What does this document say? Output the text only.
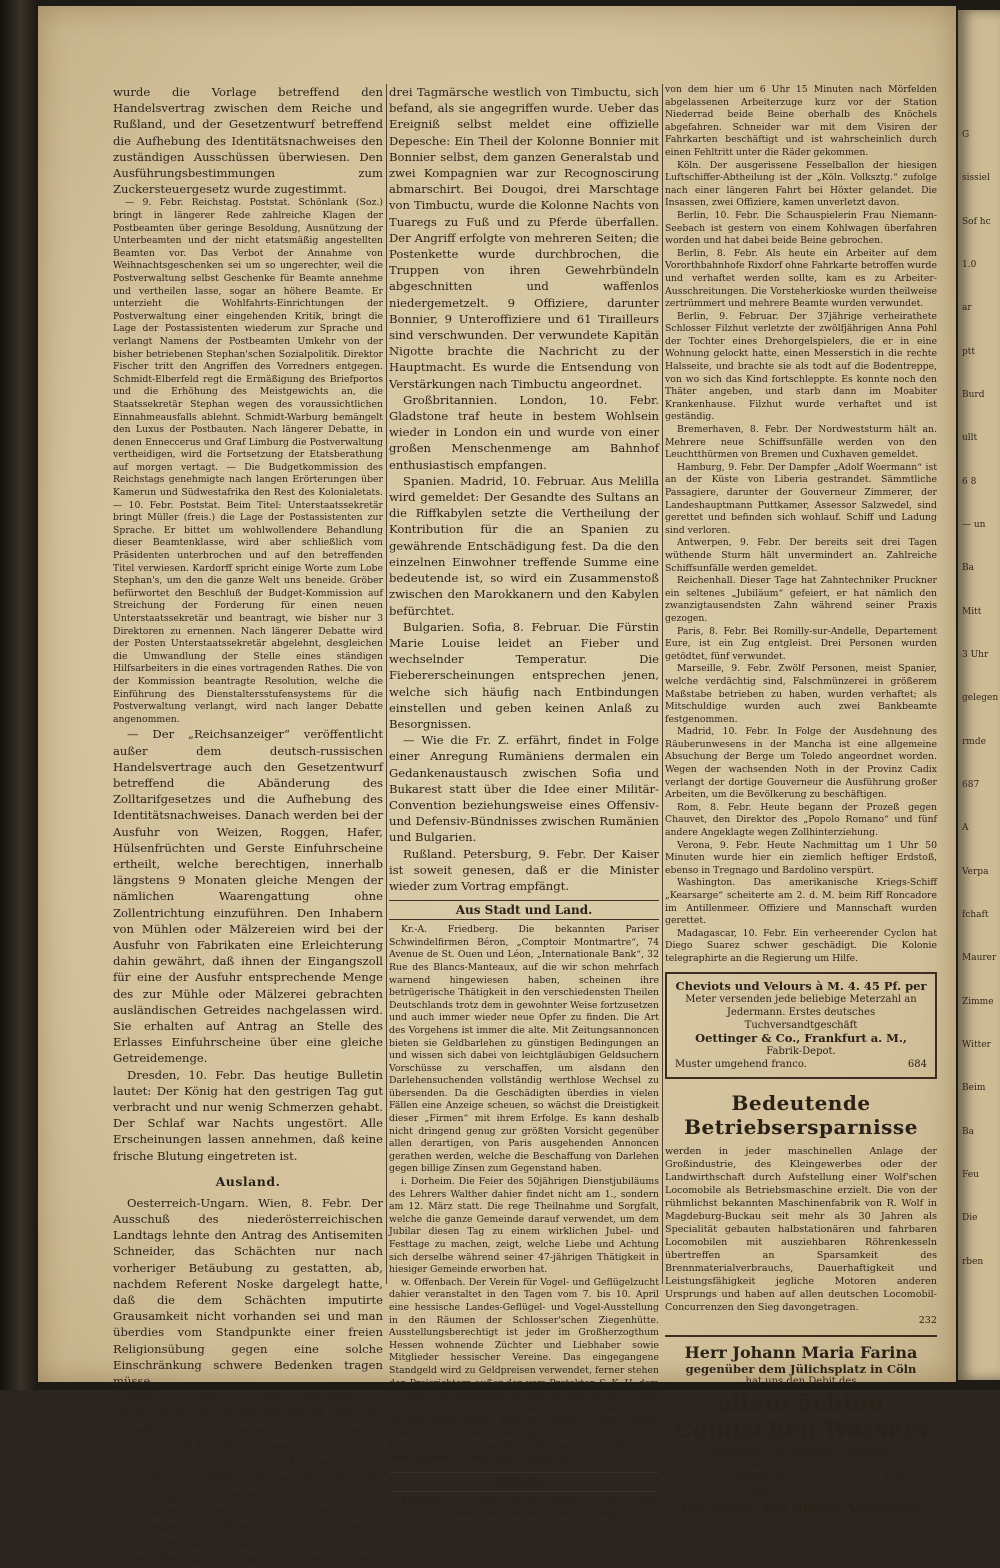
G
sissiel
Sof hc
1.0
ar
ptt
Burd
ullt
6 8
— un
Ba
Mitt
3 Uhr
gelegen
rmde
687
A
Verpa
fchaft
Maurer
Zimme
Witter
Beim
Ba
Feu
Die
rben

wurde die Vorlage betreffend den Handelsvertrag zwischen dem Reiche und Rußland, und der Gesetzentwurf betreffend die Aufhebung des Identitätsnachweises den zuständigen Ausschüssen überwiesen. Den Ausführungsbestimmungen zum Zuckersteuergesetz wurde zugestimmt.

— 9. Febr. Reichstag. Poststat. Schönlank (Soz.) bringt in längerer Rede zahlreiche Klagen der Postbeamten über geringe Besoldung, Ausnützung der Unterbeamten und der nicht etatsmäßig angestellten Beamten vor. Das Verbot der Annahme von Weihnachtsgeschenken sei um so ungerechter, weil die Postverwaltung selbst Geschenke für Beamte annehme und vertheilen lasse, sogar an höhere Beamte. Er unterzieht die Wohlfahrts-Einrichtungen der Postverwaltung einer eingehenden Kritik, bringt die Lage der Postassistenten wiederum zur Sprache und verlangt Namens der Postbeamten Umkehr von der bisher betriebenen Stephan'schen Sozialpolitik. Direktor Fischer tritt den Angriffen des Vorredners entgegen. Schmidt-Elberfeld regt die Ermäßigung des Briefportos und die Erhöhung des Meistgewichts an, die Staatssekretär Stephan wegen des voraussichtlichen Einnahmeausfalls ablehnt. Schmidt-Warburg bemängelt den Luxus der Postbauten. Nach längerer Debatte, in denen Enneccerus und Graf Limburg die Postverwaltung vertheidigen, wird die Fortsetzung der Etatsberathung auf morgen vertagt. — Die Budgetkommission des Reichstags genehmigte nach langen Erörterungen über Kamerun und Südwestafrika den Rest des Kolonialetats. — 10. Febr. Poststat. Beim Titel: Unterstaatssekretär bringt Müller (freis.) die Lage der Postassistenten zur Sprache. Er bittet um wohlwollendere Behandlung dieser Beamtenklasse, wird aber schließlich vom Präsidenten unterbrochen und auf den betreffenden Titel verwiesen. Kardorff spricht einige Worte zum Lobe Stephan's, um den die ganze Welt uns beneide. Gröber befürwortet den Beschluß der Budget-Kommission auf Streichung der Forderung für einen neuen Unterstaatssekretär und beantragt, wie bisher nur 3 Direktoren zu ernennen. Nach längerer Debatte wird der Posten Unterstaatssekretär abgelehnt, desgleichen die Umwandlung der Stelle eines ständigen Hilfsarbeiters in die eines vortragenden Rathes. Die von der Kommission beantragte Resolution, welche die Einführung des Dienstaltersstufensystems für die Postverwaltung verlangt, wird nach langer Debatte angenommen.

— Der „Reichsanzeiger“ veröffentlicht außer dem deutsch-russischen Handelsvertrage auch den Gesetzentwurf betreffend die Abänderung des Zolltarifgesetzes und die Aufhebung des Identitätsnachweises. Danach werden bei der Ausfuhr von Weizen, Roggen, Hafer, Hülsenfrüchten und Gerste Einfuhrscheine ertheilt, welche berechtigen, innerhalb längstens 9 Monaten gleiche Mengen der nämlichen Waarengattung ohne Zollentrichtung einzuführen. Den Inhabern von Mühlen oder Mälzereien wird bei der Ausfuhr von Fabrikaten eine Erleichterung dahin gewährt, daß ihnen der Eingangszoll für eine der Ausfuhr entsprechende Menge des zur Mühle oder Mälzerei gebrachten ausländischen Getreides nachgelassen wird. Sie erhalten auf Antrag an Stelle des Erlasses Einfuhrscheine über eine gleiche Getreidemenge.

Dresden, 10. Febr. Das heutige Bulletin lautet: Der König hat den gestrigen Tag gut verbracht und nur wenig Schmerzen gehabt. Der Schlaf war Nachts ungestört. Alle Erscheinungen lassen annehmen, daß keine frische Blutung eingetreten ist.

Ausland.

Oesterreich-Ungarn. Wien, 8. Febr. Der Ausschuß des niederösterreichischen Landtags lehnte den Antrag des Antisemiten Schneider, das Schächten nur nach vorheriger Betäubung zu gestatten, ab, nachdem Referent Noske dargelegt hatte, daß die dem Schächten imputirte Grausamkeit nicht vorhanden sei und man überdies vom Standpunkte einer freien Religionsübung gegen eine solche Einschränkung schwere Bedenken tragen müsse.

Belgien. Brüssel. Die Antisklaverei-Gesellschaft erhielt die Nachricht, daß die Expedition Deschamps am 22. September in Abercorn mit Kapitän Jacques zusammentraf. Jacques trat mit 2 Kanonen und Verstärkungen Mitte Oktober freiwillig die Verfolgung Rumaligas an.

Frankreich. Paris, 9. Februar. Das „Journ. des Debats“ veröffentlicht unter Vorbehalt eine Depesche, wonach die bei Timbuctu angegriffene Kolonne des Obersten Bonnier,

drei Tagmärsche westlich von Timbuctu, sich befand, als sie angegriffen wurde. Ueber das Ereigniß selbst meldet eine offizielle Depesche: Ein Theil der Kolonne Bonnier mit Bonnier selbst, dem ganzen Generalstab und zwei Kompagnien war zur Recognoscirung abmarschirt. Bei Dougoi, drei Marschtage von Timbuctu, wurde die Kolonne Nachts von Tuaregs zu Fuß und zu Pferde überfallen. Der Angriff erfolgte von mehreren Seiten; die Postenkette wurde durchbrochen, die Truppen von ihren Gewehrbündeln abgeschnitten und waffenlos niedergemetzelt. 9 Offiziere, darunter Bonnier, 9 Unteroffiziere und 61 Tirailleurs sind verschwunden. Der verwundete Kapitän Nigotte brachte die Nachricht zu der Hauptmacht. Es wurde die Entsendung von Verstärkungen nach Timbuctu angeordnet.

Großbritannien. London, 10. Febr. Gladstone traf heute in bestem Wohlsein wieder in London ein und wurde von einer großen Menschenmenge am Bahnhof enthusiastisch empfangen.

Spanien. Madrid, 10. Februar. Aus Melilla wird gemeldet: Der Gesandte des Sultans an die Riffkabylen setzte die Vertheilung der Kontribution für die an Spanien zu gewährende Entschädigung fest. Da die den einzelnen Einwohner treffende Summe eine bedeutende ist, so wird ein Zusammenstoß zwischen den Marokkanern und den Kabylen befürchtet.

Bulgarien. Sofia, 8. Februar. Die Fürstin Marie Louise leidet an Fieber und wechselnder Temperatur. Die Fiebererscheinungen entsprechen jenen, welche sich häufig nach Entbindungen einstellen und geben keinen Anlaß zu Besorgnissen.

— Wie die Fr. Z. erfährt, findet in Folge einer Anregung Rumäniens dermalen ein Gedankenaustausch zwischen Sofia und Bukarest statt über die Idee einer Militär-Convention beziehungsweise eines Offensiv- und Defensiv-Bündnisses zwischen Rumänien und Bulgarien.

Rußland. Petersburg, 9. Febr. Der Kaiser ist soweit genesen, daß er die Minister wieder zum Vortrag empfängt.

Aus Stadt und Land.

Kr.-A. Friedberg. Die bekannten Pariser Schwindelfirmen Béron, „Comptoir Montmartre“, 74 Avenue de St. Ouen und Léon, „Internationale Bank“, 32 Rue des Blancs-Manteaux, auf die wir schon mehrfach warnend hingewiesen haben, scheinen ihre betrügerische Thätigkeit in den verschiedensten Theilen Deutschlands trotz dem in gewohnter Weise fortzusetzen und auch immer wieder neue Opfer zu finden. Die Art des Vorgehens ist immer die alte. Mit Zeitungsannoncen bieten sie Geldbarlehen zu günstigen Bedingungen an und wissen sich dabei von leichtgläubigen Geldsuchern Vorschüsse zu verschaffen, um alsdann den Darlehensuchenden vollständig werthlose Wechsel zu übersenden. Da die Geschädigten überdies in vielen Fällen eine Anzeige scheuen, so wächst die Dreistigkeit dieser „Firmen“ mit ihrem Erfolge. Es kann deshalb nicht dringend genug zur größten Vorsicht gegenüber allen derartigen, von Paris ausgehenden Annoncen gerathen werden, welche die Beschaffung von Darlehen gegen billige Zinsen zum Gegenstand haben.

i. Dorheim. Die Feier des 50jährigen Dienstjubiläums des Lehrers Walther dahier findet nicht am 1., sondern am 12. März statt. Die rege Theilnahme und Sorgfalt, welche die ganze Gemeinde darauf verwendet, um dem Jubilar diesen Tag zu einem wirklichen Jubel- und Festtage zu machen, zeigt, welche Liebe und Achtung sich derselbe während seiner 47-jährigen Thätigkeit in hiesiger Gemeinde erworben hat.

w. Offenbach. Der Verein für Vogel- und Geflügelzucht dahier veranstaltet in den Tagen vom 7. bis 10. April eine hessische Landes-Geflügel- und Vogel-Ausstellung in den Räumen der Schlosser'schen Ziegenhütte. Ausstellungsberechtigt ist jeder im Großherzogthum Hessen wohnende Züchter und Liebhaber sowie Mitglieder hessischer Vereine. Das eingegangene Standgeld wird zu Geldpreisen verwendet, ferner stehen den Preisrichtern außer den vom Protektor, S. K. H. dem Großherzog, gestifteten Ehrenpreis eine große Anzahl weiterer Ehrenpreise zur Verfügung. Zur Ausstellung werden angenommen Hühner, Tauben, Enten, Gänse, Truten, Zier- und Singvögel, Geräthschaften und Literatur. Für landwirthschaftliches Nutzgeflügel ist eine besondere Abtheilung vorgesehen.

Allerlei.

Frankfurt, 8. Febr. Heute Abend wurden dem Schaffner Schneider bei der hessischen Ludwigsbahn

von dem hier um 6 Uhr 15 Minuten nach Mörfelden abgelassenen Arbeiterzuge kurz vor der Station Niederrad beide Beine oberhalb des Knöchels abgefahren. Schneider war mit dem Visiren der Fahrkarten beschäftigt und ist wahrscheinlich durch einen Fehltritt unter die Räder gekommen.

Köln. Der ausgerissene Fesselballon der hiesigen Luftschiffer-Abtheilung ist der „Köln. Volksztg.“ zufolge nach einer längeren Fahrt bei Höxter gelandet. Die Insassen, zwei Offiziere, kamen unverletzt davon.

Berlin, 10. Febr. Die Schauspielerin Frau Niemann-Seebach ist gestern von einem Kohlwagen überfahren worden und hat dabei beide Beine gebrochen.

Berlin, 8. Febr. Als heute ein Arbeiter auf dem Vororthbahnhofe Rixdorf ohne Fahrkarte betroffen wurde und verhaftet werden sollte, kam es zu Arbeiter-Ausschreitungen. Die Vorsteherkioske wurden theilweise zertrümmert und mehrere Beamte wurden verwundet.

Berlin, 9. Februar. Der 37jährige verheirathete Schlosser Filzhut verletzte der zwölfjährigen Anna Pohl der Tochter eines Drehorgelspielers, die er in eine Wohnung gelockt hatte, einen Messerstich in die rechte Halsseite, und brachte sie als todt auf die Bodentreppe, von wo sich das Kind fortschleppte. Es konnte noch den Thäter angeben, und starb dann im Moabiter Krankenhause. Filzhut wurde verhaftet und ist geständig.

Bremerhaven, 8. Febr. Der Nordweststurm hält an. Mehrere neue Schiffsunfälle werden von den Leuchtthürmen von Bremen und Cuxhaven gemeldet.

Hamburg, 9. Febr. Der Dampfer „Adolf Woermann“ ist an der Küste von Liberia gestrandet. Sämmtliche Passagiere, darunter der Gouverneur Zimmerer, der Landeshauptmann Puttkamer, Assessor Salzwedel, sind gerettet und befinden sich wohlauf. Schiff und Ladung sind verloren.

Antwerpen, 9. Febr. Der bereits seit drei Tagen wüthende Sturm hält unvermindert an. Zahlreiche Schiffsunfälle werden gemeldet.

Reichenhall. Dieser Tage hat Zahntechniker Pruckner ein seltenes „Jubiläum“ gefeiert, er hat nämlich den zwanzigtausendsten Zahn während seiner Praxis gezogen.

Paris, 8. Febr. Bei Romilly-sur-Andelle, Departement Eure, ist ein Zug entgleist. Drei Personen wurden getödtet, fünf verwundet.

Marseille, 9. Febr. Zwölf Personen, meist Spanier, welche verdächtig sind, Falschmünzerei in größerem Maßstabe betrieben zu haben, wurden verhaftet; als Mitschuldige wurden auch zwei Bankbeamte festgenommen.

Madrid, 10. Febr. In Folge der Ausdehnung des Räuberunwesens in der Mancha ist eine allgemeine Absuchung der Berge um Toledo angeordnet worden. Wegen der wachsenden Noth in der Provinz Cadix verlangt der dortige Gouverneur die Ausführung großer Arbeiten, um die Bevölkerung zu beschäftigen.

Rom, 8. Febr. Heute begann der Prozeß gegen Chauvet, den Direktor des „Popolo Romano“ und fünf andere Angeklagte wegen Zollhinterziehung.

Verona, 9. Febr. Heute Nachmittag um 1 Uhr 50 Minuten wurde hier ein ziemlich heftiger Erdstoß, ebenso in Tregnago und Bardolino verspürt.

Washington. Das amerikanische Kriegs-Schiff „Kearsarge“ scheiterte am 2. d. M. beim Riff Roncadore im Antillenmeer. Offiziere und Mannschaft wurden gerettet.

Madagascar, 10. Febr. Ein verheerender Cyclon hat Diego Suarez schwer geschädigt. Die Kolonie telegraphirte an die Regierung um Hilfe.

Cheviots und Velours à M. 4. 45 Pf. per
Meter versenden jede beliebige Meterzahl an Jedermann. Erstes deutsches Tuchversandtgeschäft
Oettinger & Co., Frankfurt a. M.,
Fabrik-Depot.
Muster umgehend franco.	684
Bedeutende Betriebsersparnisse
werden in jeder maschinellen Anlage der Großindustrie, des Kleingewerbes oder der Landwirthschaft durch Aufstellung einer Wolf'schen Locomobile als Betriebsmaschine erzielt. Die von der rühmlichst bekannten Maschinenfabrik von R. Wolf in Magdeburg-Buckau seit mehr als 30 Jahren als Specialität gebauten halbstationären und fahrbaren Locomobilen mit ausziehbaren Röhrenkesseln übertreffen an Sparsamkeit des Brennmaterialverbrauchs, Dauerhaftigkeit und Leistungsfähigkeit jegliche Motoren anderen Ursprungs und haben auf allen deutschen Locomobil-Concurrenzen den Sieg davongetragen.
232
Herr Johann Maria Farina
gegenüber dem Jülichsplatz in Cöln
hat uns den Debit des
allein ächten Cölnischen Wassers
übertragen und empfehlen dasselbe
per Glas	zu M. 1.75,
„ ½ Dutzend	„ „ 9.50,
„ Dutzend	„ „ 17.—.
Die Exped. des Oberh. Anzeigers.
